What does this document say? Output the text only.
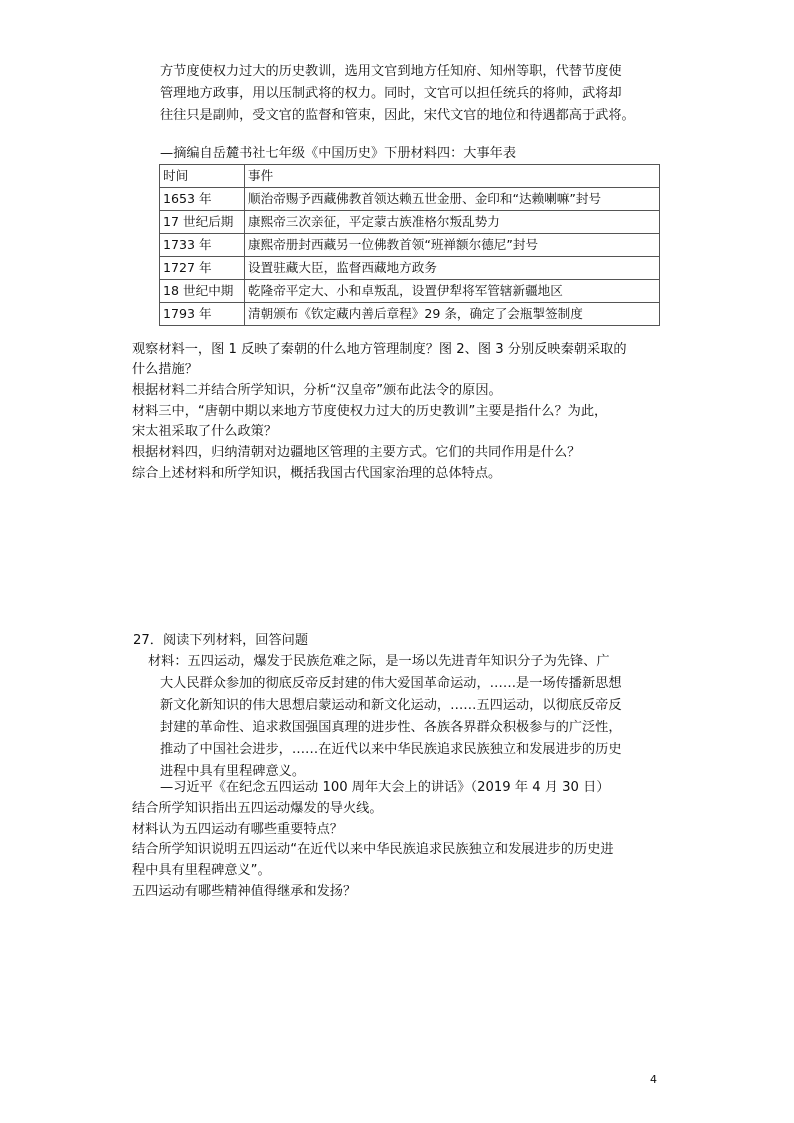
方节度使权力过大的历史教训，选用文官到地方任知府、知州等职，代替节度使
管理地方政事，用以压制武将的权力。同时，文官可以担任统兵的将帅，武将却
往往只是副帅，受文官的监督和管束，因此，宋代文官的地位和待遇都高于武将。
—摘编自岳麓书社七年级《中国历史》下册材料四：大事年表
时间	事件
1653 年	顺治帝赐予西藏佛教首领达赖五世金册、金印和“达赖喇嘛”封号
17 世纪后期	康熙帝三次亲征，平定蒙古族准格尔叛乱势力
1733 年	康熙帝册封西藏另一位佛教首领“班禅额尔德尼”封号
1727 年	设置驻藏大臣，监督西藏地方政务
18 世纪中期	乾隆帝平定大、小和卓叛乱，设置伊犁将军管辖新疆地区
1793 年	清朝颁布《钦定藏内善后章程》29 条，确定了会瓶掣签制度
观察材料一，图 1 反映了秦朝的什么地方管理制度？图 2、图 3 分别反映秦朝采取的
什么措施？
根据材料二并结合所学知识，分析“汉皇帝”颁布此法令的原因。
材料三中，“唐朝中期以来地方节度使权力过大的历史教训”主要是指什么？为此，
宋太祖采取了什么政策？
根据材料四，归纳清朝对边疆地区管理的主要方式。它们的共同作用是什么？
综合上述材料和所学知识，概括我国古代国家治理的总体特点。
27．阅读下列材料，回答问题
材料：五四运动，爆发于民族危难之际，是一场以先进青年知识分子为先锋、广
大人民群众参加的彻底反帝反封建的伟大爱国革命运动，……是一场传播新思想
新文化新知识的伟大思想启蒙运动和新文化运动，……五四运动，以彻底反帝反
封建的革命性、追求救国强国真理的进步性、各族各界群众积极参与的广泛性，
推动了中国社会进步，……在近代以来中华民族追求民族独立和发展进步的历史
进程中具有里程碑意义。
—习近平《在纪念五四运动 100 周年大会上的讲话》（2019 年 4 月 30 日）
结合所学知识指出五四运动爆发的导火线。
材料认为五四运动有哪些重要特点？
结合所学知识说明五四运动“在近代以来中华民族追求民族独立和发展进步的历史进
程中具有里程碑意义”。
五四运动有哪些精神值得继承和发扬？
4
